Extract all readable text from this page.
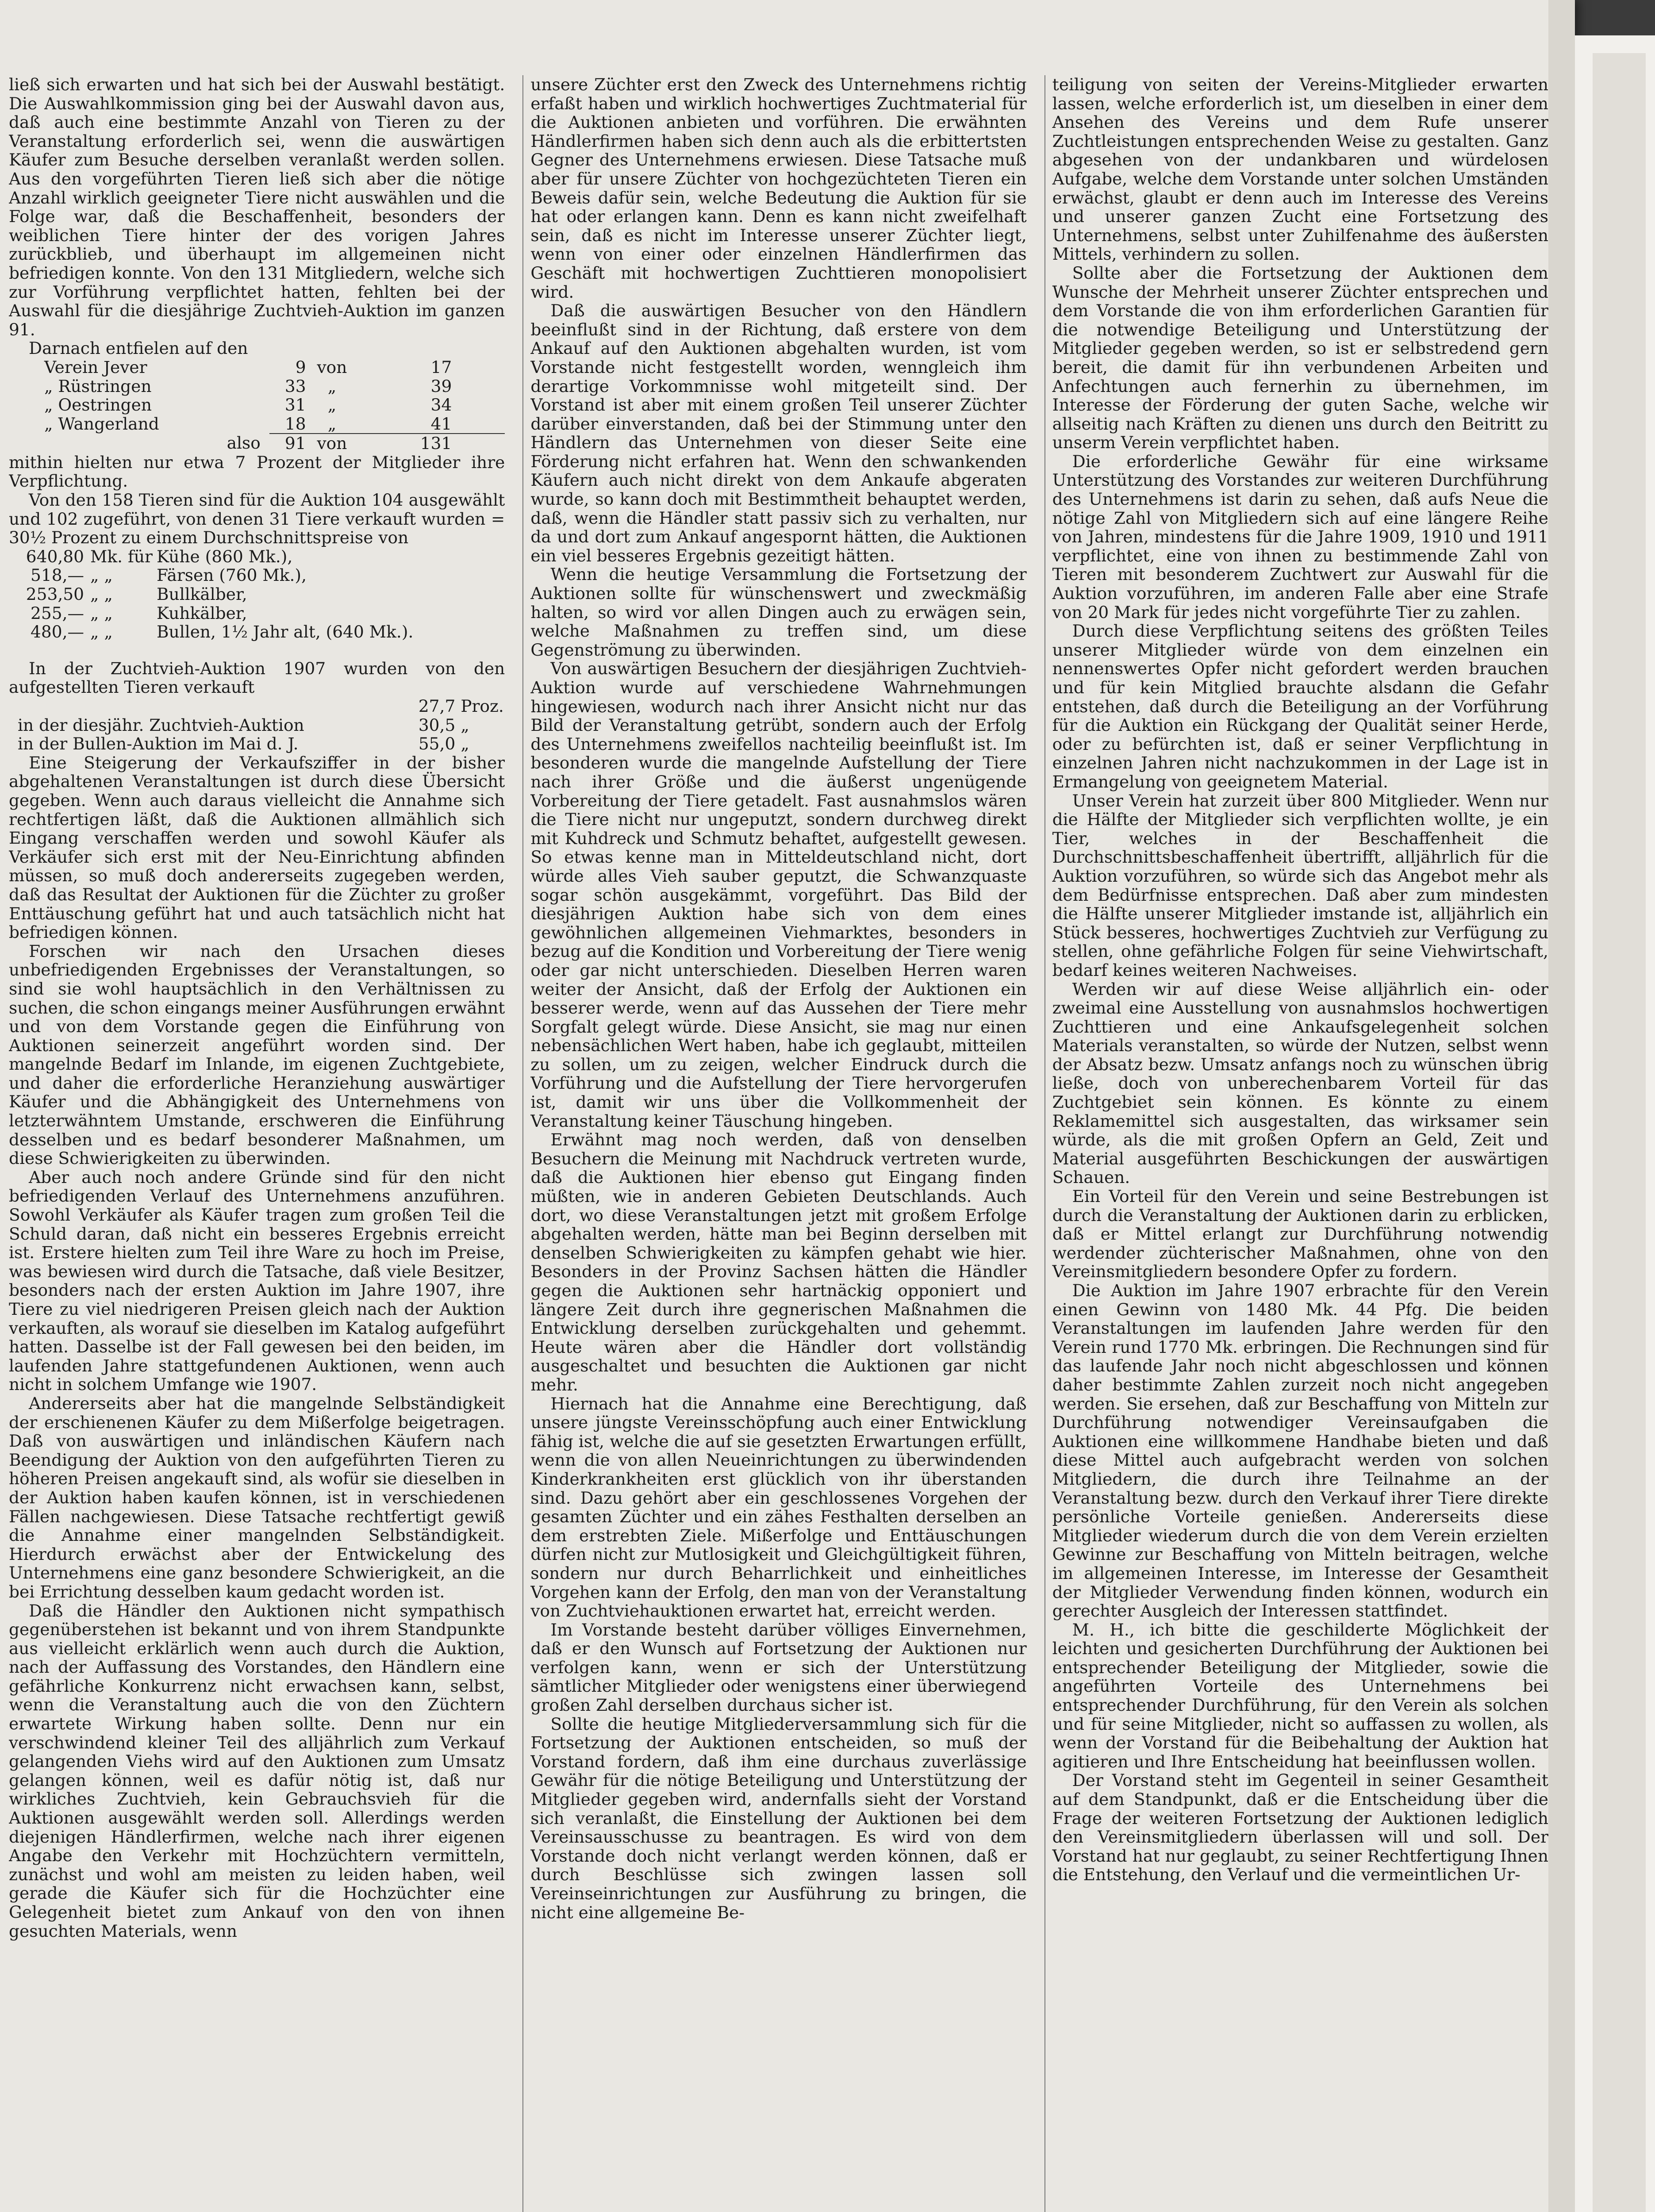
ließ sich erwarten und hat sich bei der Auswahl bestätigt. Die Auswahlkommission ging bei der Auswahl davon aus, daß auch eine bestimmte Anzahl von Tieren zu der Veranstaltung erforderlich sei, wenn die auswärtigen Käufer zum Besuche derselben veranlaßt werden sollen. Aus den vorgeführten Tieren ließ sich aber die nötige Anzahl wirklich geeigneter Tiere nicht auswählen und die Folge war, daß die Beschaffenheit, besonders der weiblichen Tiere hinter der des vorigen Jahres zurückblieb, und überhaupt im allgemeinen nicht befriedigen konnte. Von den 131 Mitgliedern, welche sich zur Vorführung verpflichtet hatten, fehlten bei der Auswahl für die diesjährige Zuchtvieh-Auktion im ganzen 91.

Darnach entfielen auf den

Verein Jever	9	von	17
„ Rüstringen	33	„	39
„ Oestringen	31	„	34
„ Wangerland	18	„	41
also	91	von	131

mithin hielten nur etwa 7 Prozent der Mitglieder ihre Verpflichtung.

Von den 158 Tieren sind für die Auktion 104 ausgewählt und 102 zugeführt, von denen 31 Tiere verkauft wurden = 30½ Prozent zu einem Durchschnittspreise von

640,80	Mk. für	Kühe (860 Mk.),
518,—	„ „	Färsen (760 Mk.),
253,50	„ „	Bullkälber,
255,—	„ „	Kuhkälber,
480,—	„ „	Bullen, 1½ Jahr alt, (640 Mk.).

In der Zuchtvieh-Auktion 1907 wurden von den aufgestellten Tieren verkauft

	27,7	Proz.
in der diesjähr. Zuchtvieh-Auktion	30,5	„
in der Bullen-Auktion im Mai d. J.	55,0	„

Eine Steigerung der Verkaufsziffer in der bisher abgehaltenen Veranstaltungen ist durch diese Übersicht gegeben. Wenn auch daraus vielleicht die Annahme sich rechtfertigen läßt, daß die Auktionen allmählich sich Eingang verschaffen werden und sowohl Käufer als Verkäufer sich erst mit der Neu-Einrichtung abfinden müssen, so muß doch andererseits zugegeben werden, daß das Resultat der Auktionen für die Züchter zu großer Enttäuschung geführt hat und auch tatsächlich nicht hat befriedigen können.

Forschen wir nach den Ursachen dieses unbefriedigenden Ergebnisses der Veranstaltungen, so sind sie wohl hauptsächlich in den Verhältnissen zu suchen, die schon eingangs meiner Ausführungen erwähnt und von dem Vorstande gegen die Einführung von Auktionen seinerzeit angeführt worden sind. Der mangelnde Bedarf im Inlande, im eigenen Zuchtgebiete, und daher die erforderliche Heranziehung auswärtiger Käufer und die Abhängigkeit des Unternehmens von letzterwähntem Umstande, erschweren die Einführung desselben und es bedarf besonderer Maßnahmen, um diese Schwierigkeiten zu überwinden.

Aber auch noch andere Gründe sind für den nicht befriedigenden Verlauf des Unternehmens anzuführen. Sowohl Verkäufer als Käufer tragen zum großen Teil die Schuld daran, daß nicht ein besseres Ergebnis erreicht ist. Erstere hielten zum Teil ihre Ware zu hoch im Preise, was bewiesen wird durch die Tatsache, daß viele Besitzer, besonders nach der ersten Auktion im Jahre 1907, ihre Tiere zu viel niedrigeren Preisen gleich nach der Auktion verkauften, als worauf sie dieselben im Katalog aufgeführt hatten. Dasselbe ist der Fall gewesen bei den beiden, im laufenden Jahre stattgefundenen Auktionen, wenn auch nicht in solchem Umfange wie 1907.

Andererseits aber hat die mangelnde Selbständigkeit der erschienenen Käufer zu dem Mißerfolge beigetragen. Daß von auswärtigen und inländischen Käufern nach Beendigung der Auktion von den aufgeführten Tieren zu höheren Preisen angekauft sind, als wofür sie dieselben in der Auktion haben kaufen können, ist in verschiedenen Fällen nachgewiesen. Diese Tatsache rechtfertigt gewiß die Annahme einer mangelnden Selbständigkeit. Hierdurch erwächst aber der Entwickelung des Unternehmens eine ganz besondere Schwierigkeit, an die bei Errichtung desselben kaum gedacht worden ist.

Daß die Händler den Auktionen nicht sympathisch gegenüberstehen ist bekannt und von ihrem Standpunkte aus vielleicht erklärlich wenn auch durch die Auktion, nach der Auffassung des Vorstandes, den Händlern eine gefährliche Konkurrenz nicht erwachsen kann, selbst, wenn die Veranstaltung auch die von den Züchtern erwartete Wirkung haben sollte. Denn nur ein verschwindend kleiner Teil des alljährlich zum Verkauf gelangenden Viehs wird auf den Auktionen zum Umsatz gelangen können, weil es dafür nötig ist, daß nur wirkliches Zuchtvieh, kein Gebrauchsvieh für die Auktionen ausgewählt werden soll. Allerdings werden diejenigen Händlerfirmen, welche nach ihrer eigenen Angabe den Verkehr mit Hochzüchtern vermitteln, zunächst und wohl am meisten zu leiden haben, weil gerade die Käufer sich für die Hochzüchter eine Gelegenheit bietet zum Ankauf von den von ihnen gesuchten Materials, wenn

unsere Züchter erst den Zweck des Unternehmens richtig erfaßt haben und wirklich hochwertiges Zuchtmaterial für die Auktionen anbieten und vorführen. Die erwähnten Händlerfirmen haben sich denn auch als die erbittertsten Gegner des Unternehmens erwiesen. Diese Tatsache muß aber für unsere Züchter von hochgezüchteten Tieren ein Beweis dafür sein, welche Bedeutung die Auktion für sie hat oder erlangen kann. Denn es kann nicht zweifelhaft sein, daß es nicht im Interesse unserer Züchter liegt, wenn von einer oder einzelnen Händlerfirmen das Geschäft mit hochwertigen Zuchttieren monopolisiert wird.

Daß die auswärtigen Besucher von den Händlern beeinflußt sind in der Richtung, daß erstere von dem Ankauf auf den Auktionen abgehalten wurden, ist vom Vorstande nicht festgestellt worden, wenngleich ihm derartige Vorkommnisse wohl mitgeteilt sind. Der Vorstand ist aber mit einem großen Teil unserer Züchter darüber einverstanden, daß bei der Stimmung unter den Händlern das Unternehmen von dieser Seite eine Förderung nicht erfahren hat. Wenn den schwankenden Käufern auch nicht direkt von dem Ankaufe abgeraten wurde, so kann doch mit Bestimmtheit behauptet werden, daß, wenn die Händler statt passiv sich zu verhalten, nur da und dort zum Ankauf angespornt hätten, die Auktionen ein viel besseres Ergebnis gezeitigt hätten.

Wenn die heutige Versammlung die Fortsetzung der Auktionen sollte für wünschenswert und zweckmäßig halten, so wird vor allen Dingen auch zu erwägen sein, welche Maßnahmen zu treffen sind, um diese Gegenströmung zu überwinden.

Von auswärtigen Besuchern der diesjährigen Zuchtvieh-Auktion wurde auf verschiedene Wahrnehmungen hingewiesen, wodurch nach ihrer Ansicht nicht nur das Bild der Veranstaltung getrübt, sondern auch der Erfolg des Unternehmens zweifellos nachteilig beeinflußt ist. Im besonderen wurde die mangelnde Aufstellung der Tiere nach ihrer Größe und die äußerst ungenügende Vorbereitung der Tiere getadelt. Fast ausnahmslos wären die Tiere nicht nur ungeputzt, sondern durchweg direkt mit Kuhdreck und Schmutz behaftet, aufgestellt gewesen. So etwas kenne man in Mitteldeutschland nicht, dort würde alles Vieh sauber geputzt, die Schwanzquaste sogar schön ausgekämmt, vorgeführt. Das Bild der diesjährigen Auktion habe sich von dem eines gewöhnlichen allgemeinen Viehmarktes, besonders in bezug auf die Kondition und Vorbereitung der Tiere wenig oder gar nicht unterschieden. Dieselben Herren waren weiter der Ansicht, daß der Erfolg der Auktionen ein besserer werde, wenn auf das Aussehen der Tiere mehr Sorgfalt gelegt würde. Diese Ansicht, sie mag nur einen nebensächlichen Wert haben, habe ich geglaubt, mitteilen zu sollen, um zu zeigen, welcher Eindruck durch die Vorführung und die Aufstellung der Tiere hervorgerufen ist, damit wir uns über die Vollkommenheit der Veranstaltung keiner Täuschung hingeben.

Erwähnt mag noch werden, daß von denselben Besuchern die Meinung mit Nachdruck vertreten wurde, daß die Auktionen hier ebenso gut Eingang finden müßten, wie in anderen Gebieten Deutschlands. Auch dort, wo diese Veranstaltungen jetzt mit großem Erfolge abgehalten werden, hätte man bei Beginn derselben mit denselben Schwierigkeiten zu kämpfen gehabt wie hier. Besonders in der Provinz Sachsen hätten die Händler gegen die Auktionen sehr hartnäckig opponiert und längere Zeit durch ihre gegnerischen Maßnahmen die Entwicklung derselben zurückgehalten und gehemmt. Heute wären aber die Händler dort vollständig ausgeschaltet und besuchten die Auktionen gar nicht mehr.

Hiernach hat die Annahme eine Berechtigung, daß unsere jüngste Vereinsschöpfung auch einer Entwicklung fähig ist, welche die auf sie gesetzten Erwartungen erfüllt, wenn die von allen Neueinrichtungen zu überwindenden Kinderkrankheiten erst glücklich von ihr überstanden sind. Dazu gehört aber ein geschlossenes Vorgehen der gesamten Züchter und ein zähes Festhalten derselben an dem erstrebten Ziele. Mißerfolge und Enttäuschungen dürfen nicht zur Mutlosigkeit und Gleichgültigkeit führen, sondern nur durch Beharrlichkeit und einheitliches Vorgehen kann der Erfolg, den man von der Veranstaltung von Zuchtviehauktionen erwartet hat, erreicht werden.

Im Vorstande besteht darüber völliges Einvernehmen, daß er den Wunsch auf Fortsetzung der Auktionen nur verfolgen kann, wenn er sich der Unterstützung sämtlicher Mitglieder oder wenigstens einer überwiegend großen Zahl derselben durchaus sicher ist.

Sollte die heutige Mitgliederversammlung sich für die Fortsetzung der Auktionen entscheiden, so muß der Vorstand fordern, daß ihm eine durchaus zuverlässige Gewähr für die nötige Beteiligung und Unterstützung der Mitglieder gegeben wird, andernfalls sieht der Vorstand sich veranlaßt, die Einstellung der Auktionen bei dem Vereinsausschusse zu beantragen. Es wird von dem Vorstande doch nicht verlangt werden können, daß er durch Beschlüsse sich zwingen lassen soll Vereinseinrichtungen zur Ausführung zu bringen, die nicht eine allgemeine Be-

teiligung von seiten der Vereins-Mitglieder erwarten lassen, welche erforderlich ist, um dieselben in einer dem Ansehen des Vereins und dem Rufe unserer Zuchtleistungen entsprechenden Weise zu gestalten. Ganz abgesehen von der undankbaren und würdelosen Aufgabe, welche dem Vorstande unter solchen Umständen erwächst, glaubt er denn auch im Interesse des Vereins und unserer ganzen Zucht eine Fortsetzung des Unternehmens, selbst unter Zuhilfenahme des äußersten Mittels, verhindern zu sollen.

Sollte aber die Fortsetzung der Auktionen dem Wunsche der Mehrheit unserer Züchter entsprechen und dem Vorstande die von ihm erforderlichen Garantien für die notwendige Beteiligung und Unterstützung der Mitglieder gegeben werden, so ist er selbstredend gern bereit, die damit für ihn verbundenen Arbeiten und Anfechtungen auch fernerhin zu übernehmen, im Interesse der Förderung der guten Sache, welche wir allseitig nach Kräften zu dienen uns durch den Beitritt zu unserm Verein verpflichtet haben.

Die erforderliche Gewähr für eine wirksame Unterstützung des Vorstandes zur weiteren Durchführung des Unternehmens ist darin zu sehen, daß aufs Neue die nötige Zahl von Mitgliedern sich auf eine längere Reihe von Jahren, mindestens für die Jahre 1909, 1910 und 1911 verpflichtet, eine von ihnen zu bestimmende Zahl von Tieren mit besonderem Zuchtwert zur Auswahl für die Auktion vorzuführen, im anderen Falle aber eine Strafe von 20 Mark für jedes nicht vorgeführte Tier zu zahlen.

Durch diese Verpflichtung seitens des größten Teiles unserer Mitglieder würde von dem einzelnen ein nennenswertes Opfer nicht gefordert werden brauchen und für kein Mitglied brauchte alsdann die Gefahr entstehen, daß durch die Beteiligung an der Vorführung für die Auktion ein Rückgang der Qualität seiner Herde, oder zu befürchten ist, daß er seiner Verpflichtung in einzelnen Jahren nicht nachzukommen in der Lage ist in Ermangelung von geeignetem Material.

Unser Verein hat zurzeit über 800 Mitglieder. Wenn nur die Hälfte der Mitglieder sich verpflichten wollte, je ein Tier, welches in der Beschaffenheit die Durchschnittsbeschaffenheit übertrifft, alljährlich für die Auktion vorzuführen, so würde sich das Angebot mehr als dem Bedürfnisse entsprechen. Daß aber zum mindesten die Hälfte unserer Mitglieder imstande ist, alljährlich ein Stück besseres, hochwertiges Zuchtvieh zur Verfügung zu stellen, ohne gefährliche Folgen für seine Viehwirtschaft, bedarf keines weiteren Nachweises.

Werden wir auf diese Weise alljährlich ein- oder zweimal eine Ausstellung von ausnahmslos hochwertigen Zuchttieren und eine Ankaufsgelegenheit solchen Materials veranstalten, so würde der Nutzen, selbst wenn der Absatz bezw. Umsatz anfangs noch zu wünschen übrig ließe, doch von unberechenbarem Vorteil für das Zuchtgebiet sein können. Es könnte zu einem Reklamemittel sich ausgestalten, das wirksamer sein würde, als die mit großen Opfern an Geld, Zeit und Material ausgeführten Beschickungen der auswärtigen Schauen.

Ein Vorteil für den Verein und seine Bestrebungen ist durch die Veranstaltung der Auktionen darin zu erblicken, daß er Mittel erlangt zur Durchführung notwendig werdender züchterischer Maßnahmen, ohne von den Vereinsmitgliedern besondere Opfer zu fordern.

Die Auktion im Jahre 1907 erbrachte für den Verein einen Gewinn von 1480 Mk. 44 Pfg. Die beiden Veranstaltungen im laufenden Jahre werden für den Verein rund 1770 Mk. erbringen. Die Rechnungen sind für das laufende Jahr noch nicht abgeschlossen und können daher bestimmte Zahlen zurzeit noch nicht angegeben werden. Sie ersehen, daß zur Beschaffung von Mitteln zur Durchführung notwendiger Vereinsaufgaben die Auktionen eine willkommene Handhabe bieten und daß diese Mittel auch aufgebracht werden von solchen Mitgliedern, die durch ihre Teilnahme an der Veranstaltung bezw. durch den Verkauf ihrer Tiere direkte persönliche Vorteile genießen. Andererseits diese Mitglieder wiederum durch die von dem Verein erzielten Gewinne zur Beschaffung von Mitteln beitragen, welche im allgemeinen Interesse, im Interesse der Gesamtheit der Mitglieder Verwendung finden können, wodurch ein gerechter Ausgleich der Interessen stattfindet.

M. H., ich bitte die geschilderte Möglichkeit der leichten und gesicherten Durchführung der Auktionen bei entsprechender Beteiligung der Mitglieder, sowie die angeführten Vorteile des Unternehmens bei entsprechender Durchführung, für den Verein als solchen und für seine Mitglieder, nicht so auffassen zu wollen, als wenn der Vorstand für die Beibehaltung der Auktion hat agitieren und Ihre Entscheidung hat beeinflussen wollen.

Der Vorstand steht im Gegenteil in seiner Gesamtheit auf dem Standpunkt, daß er die Entscheidung über die Frage der weiteren Fortsetzung der Auktionen lediglich den Vereinsmitgliedern überlassen will und soll. Der Vorstand hat nur geglaubt, zu seiner Rechtfertigung Ihnen die Entstehung, den Verlauf und die vermeintlichen Ur-
